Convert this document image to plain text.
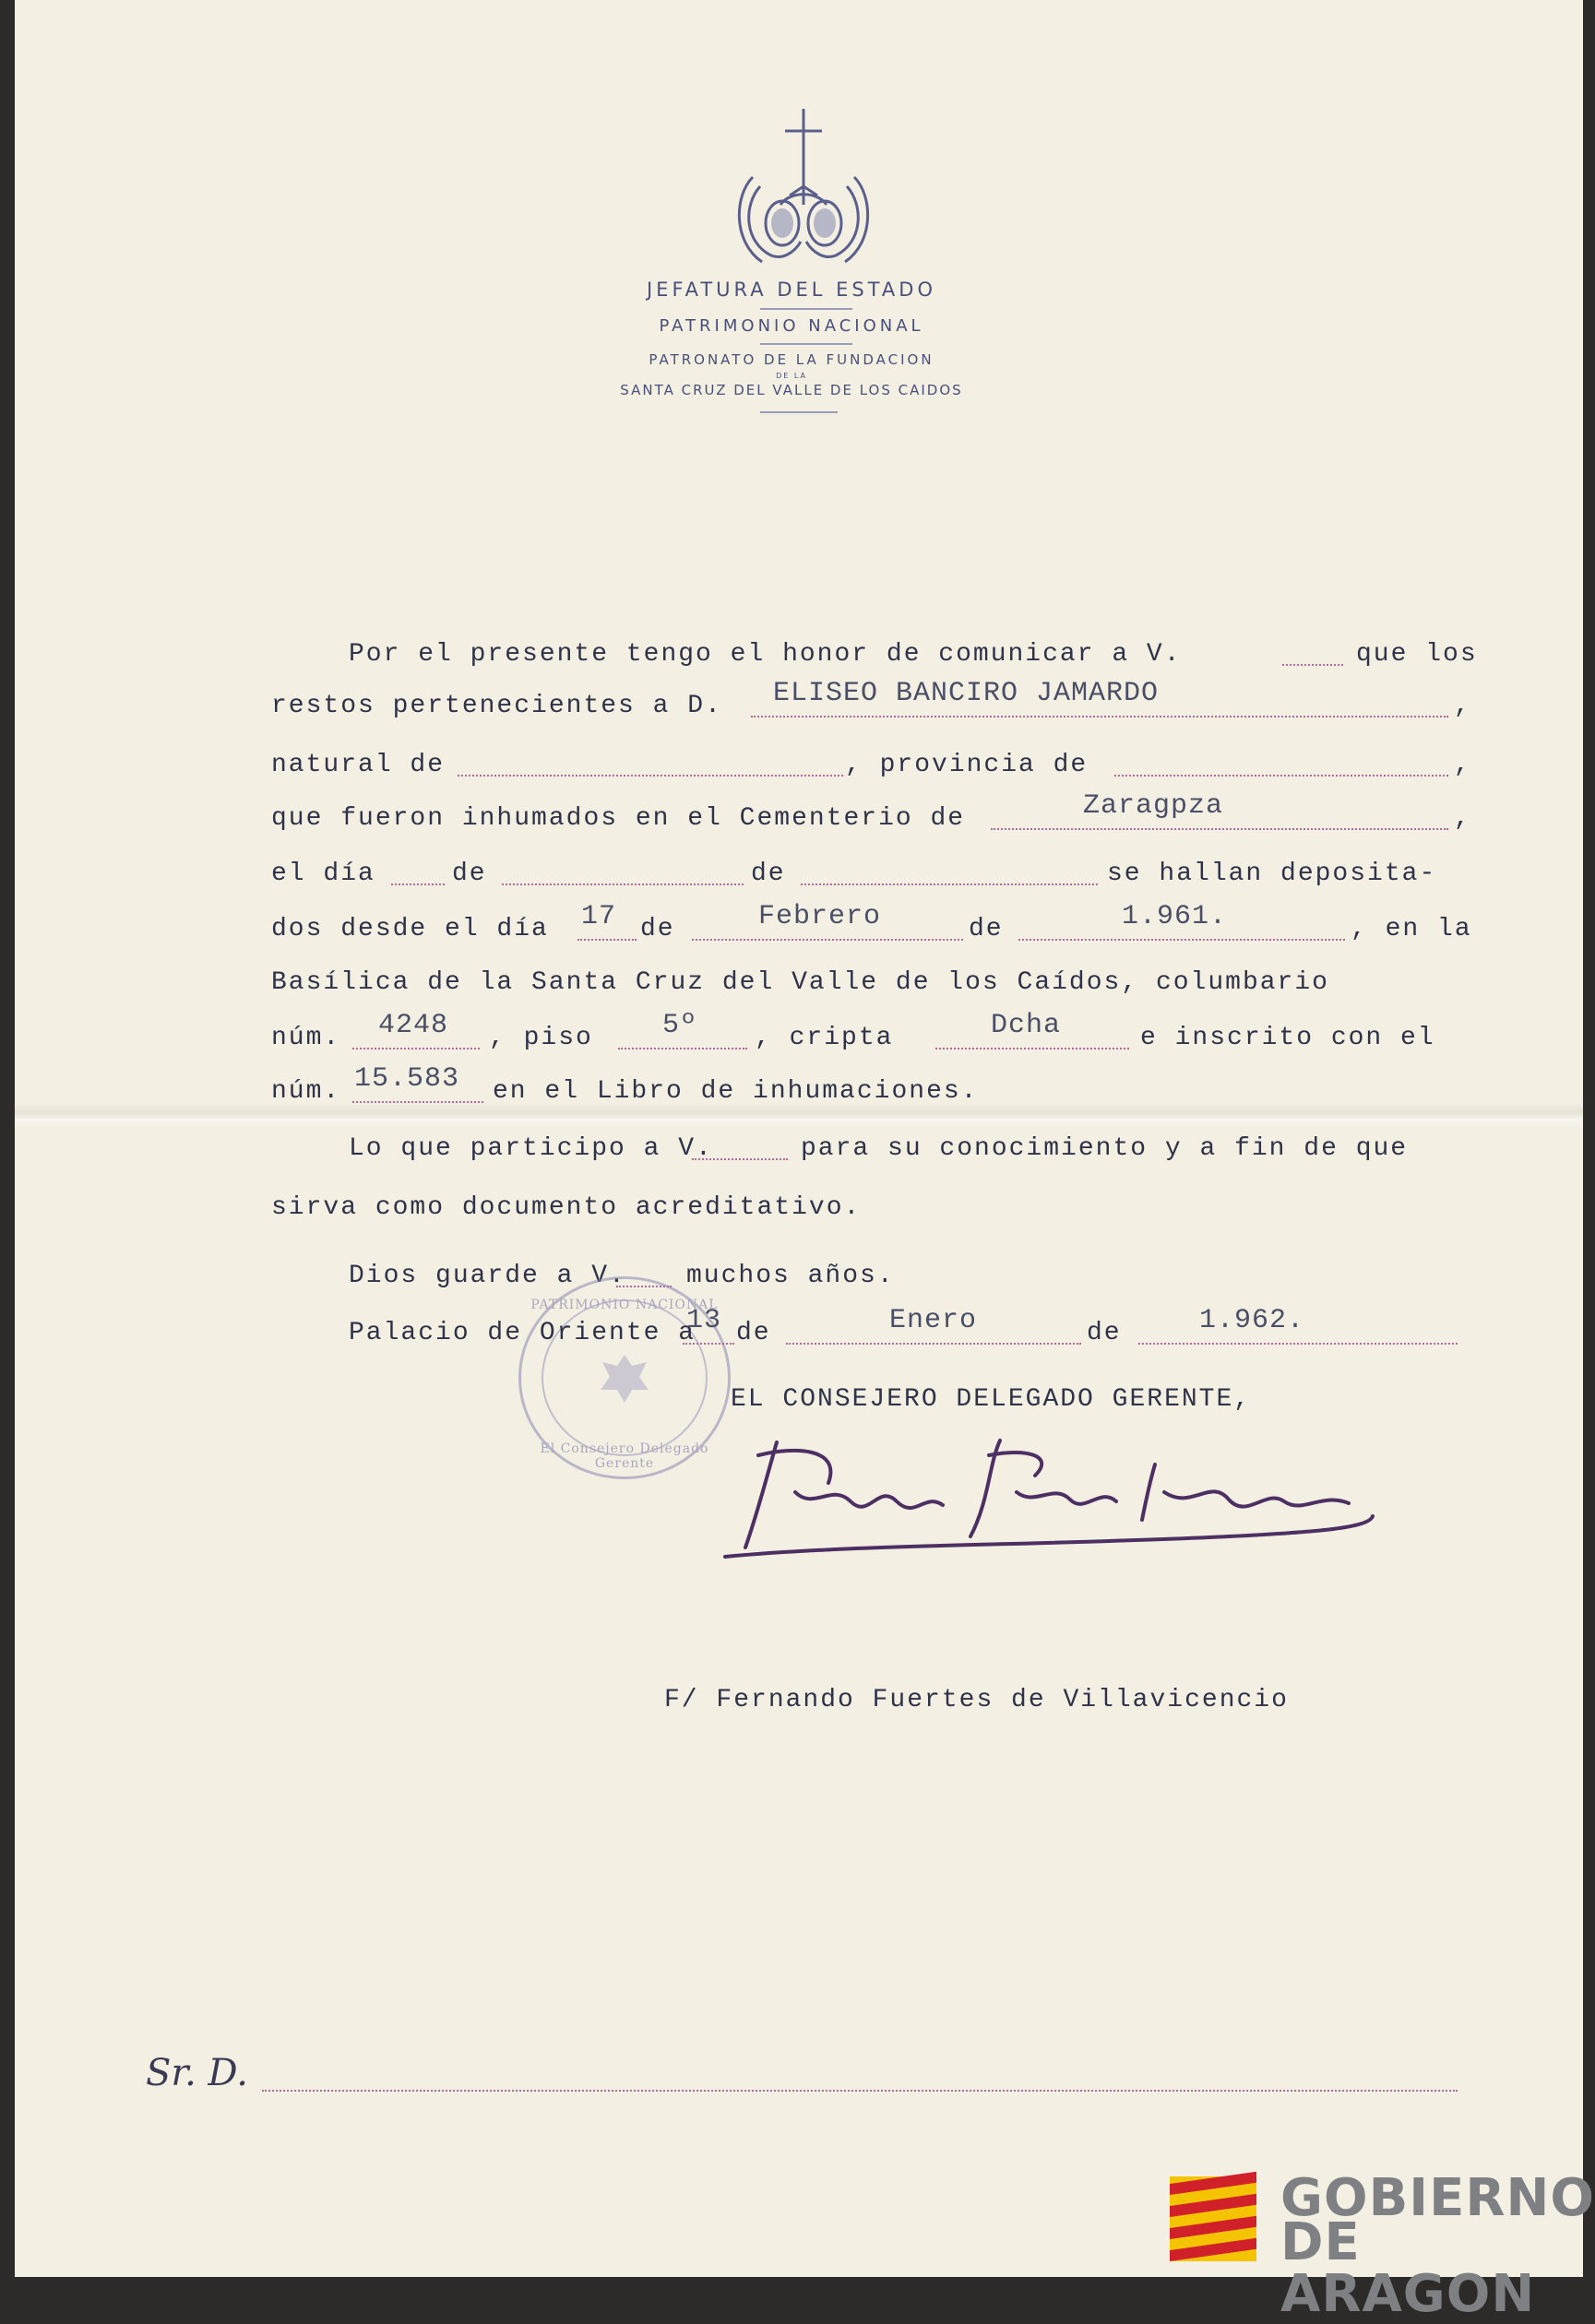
JEFATURA DEL ESTADO
PATRIMONIO NACIONAL
PATRONATO DE LA FUNDACION
DE LA
SANTA CRUZ DEL VALLE DE LOS CAIDOS
Por el presente tengo el honor de comunicar a V.	que los
restos pertenecientes a D. ELISEO BANCIRO JAMARDO	,
natural de	, provincia de	,
que fueron inhumados en el Cementerio de	Zaragpza	,
el día	de	de	se hallan deposita-
dos desde el día 17 de	Febrero	de	1.961.	, en la
Basílica de la Santa Cruz del Valle de los Caídos, columbario
núm. 4248 , piso	5º , cripta	Dcha	e inscrito con el
núm. 15.583 en el Libro de inhumaciones.
Lo que participo a V.	para su conocimiento y a fin de que
sirva como documento acreditativo.
Dios guarde a V. muchos años.
PATRIMONIO NACIONAL
El Consejero Delegado Gerente
Palacio de Oriente a
13 de	Enero	de	1.962.
EL CONSEJERO DELEGADO GERENTE,
F/ Fernando Fuertes de Villavicencio
Sr. D.
GOBIERNO
DE ARAGON
